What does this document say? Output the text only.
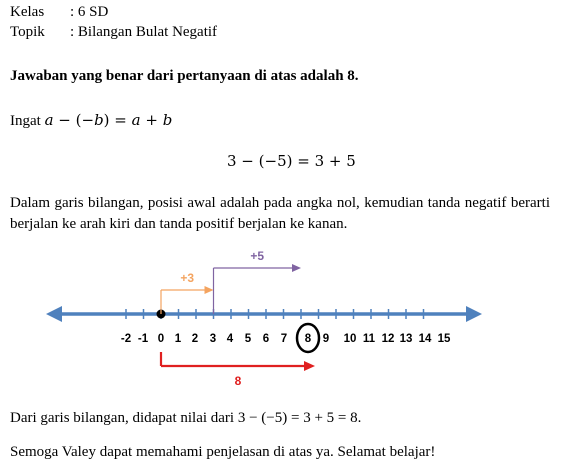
Kelas : 6 SD
Topik : Bilangan Bulat Negatif
Jawaban yang benar dari pertanyaan di atas adalah 8.
Ingat a − (−b) = a + b
3 − (−5) = 3 + 5
Dalam garis bilangan, posisi awal adalah pada angka nol, kemudian tanda negatif berarti berjalan ke arah kiri dan tanda positif berjalan ke kanan.
-2 -1 0 1 2 3 4 5 6 7 8 9 10 11 12 13 14 15
+3
+5
8
Dari garis bilangan, didapat nilai dari 3 − (−5) = 3 + 5 = 8.
Semoga Valey dapat memahami penjelasan di atas ya. Selamat belajar!
